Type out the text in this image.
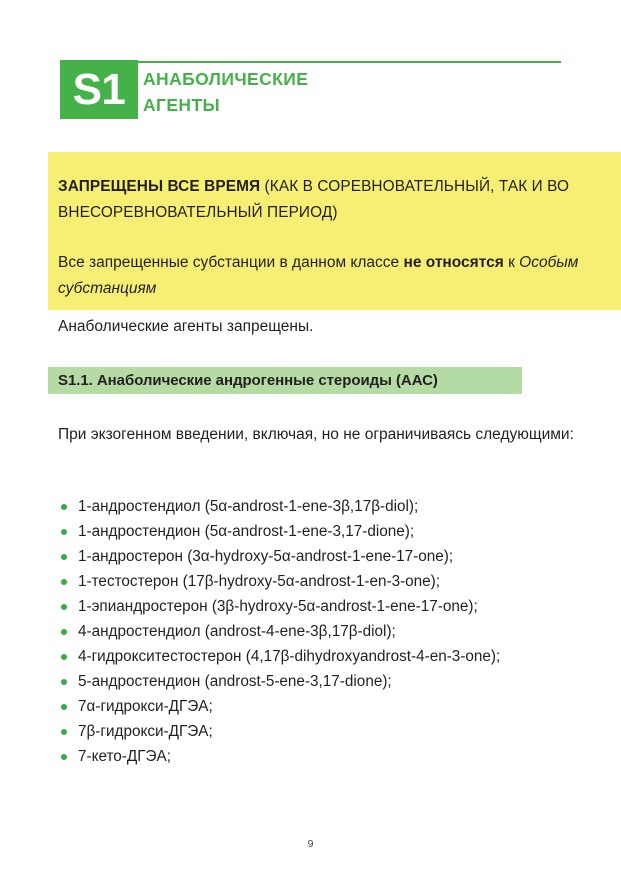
S1	АНАБОЛИЧЕСКИЕ
АГЕНТЫ

ЗАПРЕЩЕНЫ ВСЕ ВРЕМЯ (КАК В СОРЕВНОВАТЕЛЬНЫЙ, ТАК И ВО ВНЕСОРЕВНОВАТЕЛЬНЫЙ ПЕРИОД)

Все запрещенные субстанции в данном классе не относятся к Особым субстанциям

Анаболические агенты запрещены.
S1.1. Анаболические андрогенные стероиды (ААС)
При экзогенном введении, включая, но не ограничиваясь следующими:
1-андростендиол (5α-androst-1-ene-3β,17β-diol);
1-андростендион (5α-androst-1-ene-3,17-dione);
1-андростерон (3α-hydroxy-5α-androst-1-ene-17-one);
1-тестостерон (17β-hydroxy-5α-androst-1-en-3-one);
1-эпиандростерон (3β-hydroxy-5α-androst-1-ene-17-one);
4-андростендиол (androst-4-ene-3β,17β-diol);
4-гидрокситестостерон (4,17β-dihydroxyandrost-4-en-3-one);
5-андростендион (androst-5-ene-3,17-dione);
7α-гидрокси-ДГЭА;
7β-гидрокси-ДГЭА;
7-кето-ДГЭА;
9
